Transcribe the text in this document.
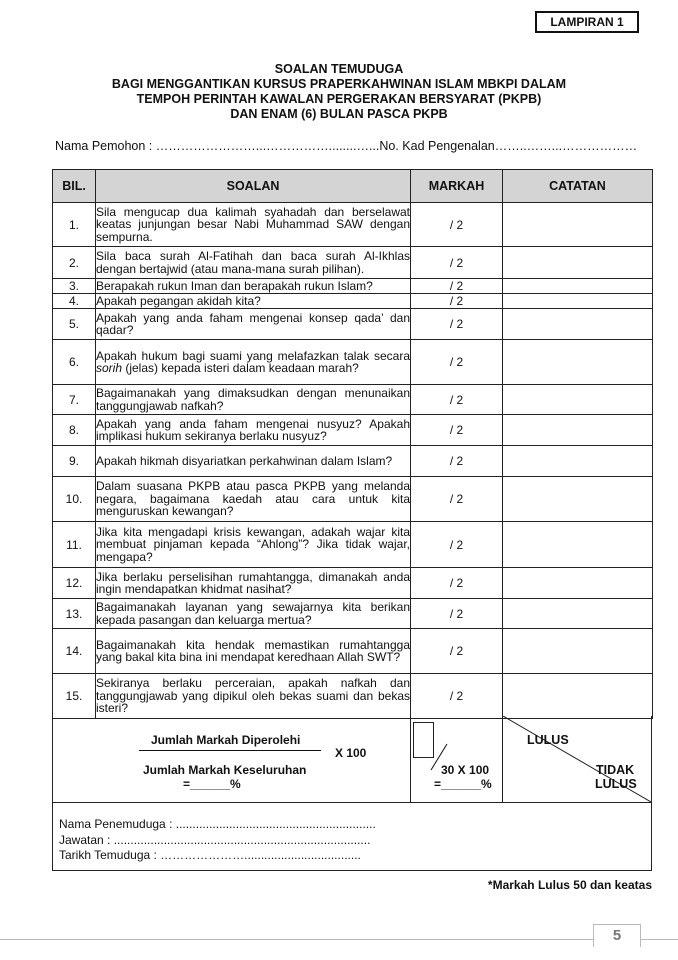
LAMPIRAN 1
SOALAN TEMUDUGA
BAGI MENGGANTIKAN KURSUS PRAPERKAHWINAN ISLAM MBKPI DALAM
TEMPOH PERINTAH KAWALAN PERGERAKAN BERSYARAT (PKPB)
DAN ENAM (6) BULAN PASCA PKPB
Nama Pemohon : ……………………...……………........…...No. Kad Pengenalan……..……...………………
BIL.	SOALAN	MARKAH	CATATAN
1.	Sila mengucap dua kalimah syahadah dan berselawat keatas junjungan besar Nabi Muhammad SAW dengan sempurna.	/ 2	
2.	Sila baca surah Al-Fatihah dan baca surah Al-Ikhlas dengan bertajwid (atau mana-mana surah pilihan).	/ 2	
3.	Berapakah rukun Iman dan berapakah rukun Islam?	/ 2	
4.	Apakah pegangan akidah kita?	/ 2	
5.	Apakah yang anda faham mengenai konsep qada’ dan qadar?	/ 2	
6.	Apakah hukum bagi suami yang melafazkan talak secara sorih (jelas) kepada isteri dalam keadaan marah?	/ 2	
7.	Bagaimanakah yang dimaksudkan dengan menunaikan tanggungjawab nafkah?	/ 2	
8.	Apakah yang anda faham mengenai nusyuz? Apakah implikasi hukum sekiranya berlaku nusyuz?	/ 2	
9.	Apakah hikmah disyariatkan perkahwinan dalam Islam?	/ 2	
10.	Dalam suasana PKPB atau pasca PKPB yang melanda negara, bagaimana kaedah atau cara untuk kita menguruskan kewangan?	/ 2	
11.	Jika kita mengadapi krisis kewangan, adakah wajar kita membuat pinjaman kepada “Ahlong”? Jika tidak wajar, mengapa?	/ 2	
12.	Jika berlaku perselisihan rumahtangga, dimanakah anda ingin mendapatkan khidmat nasihat?	/ 2	
13.	Bagaimanakah layanan yang sewajarnya kita berikan kepada pasangan dan keluarga mertua?	/ 2	
14.	Bagaimanakah kita hendak memastikan rumahtangga yang bakal kita bina ini mendapat keredhaan Allah SWT?	/ 2	
15.	Sekiranya berlaku perceraian, apakah nafkah dan tanggungjawab yang dipikul oleh bekas suami dan bekas isteri?	/ 2	
Jumlah Markah Diperolehi
X 100
Jumlah Markah Keseluruhan
=______%
30 X 100
=______%
LULUS
TIDAK
LULUS
Nama Penemuduga : ............................................................
Jawatan : .............................................................................
Tarikh Temuduga : …………………...................................
*Markah Lulus 50 dan keatas
5
